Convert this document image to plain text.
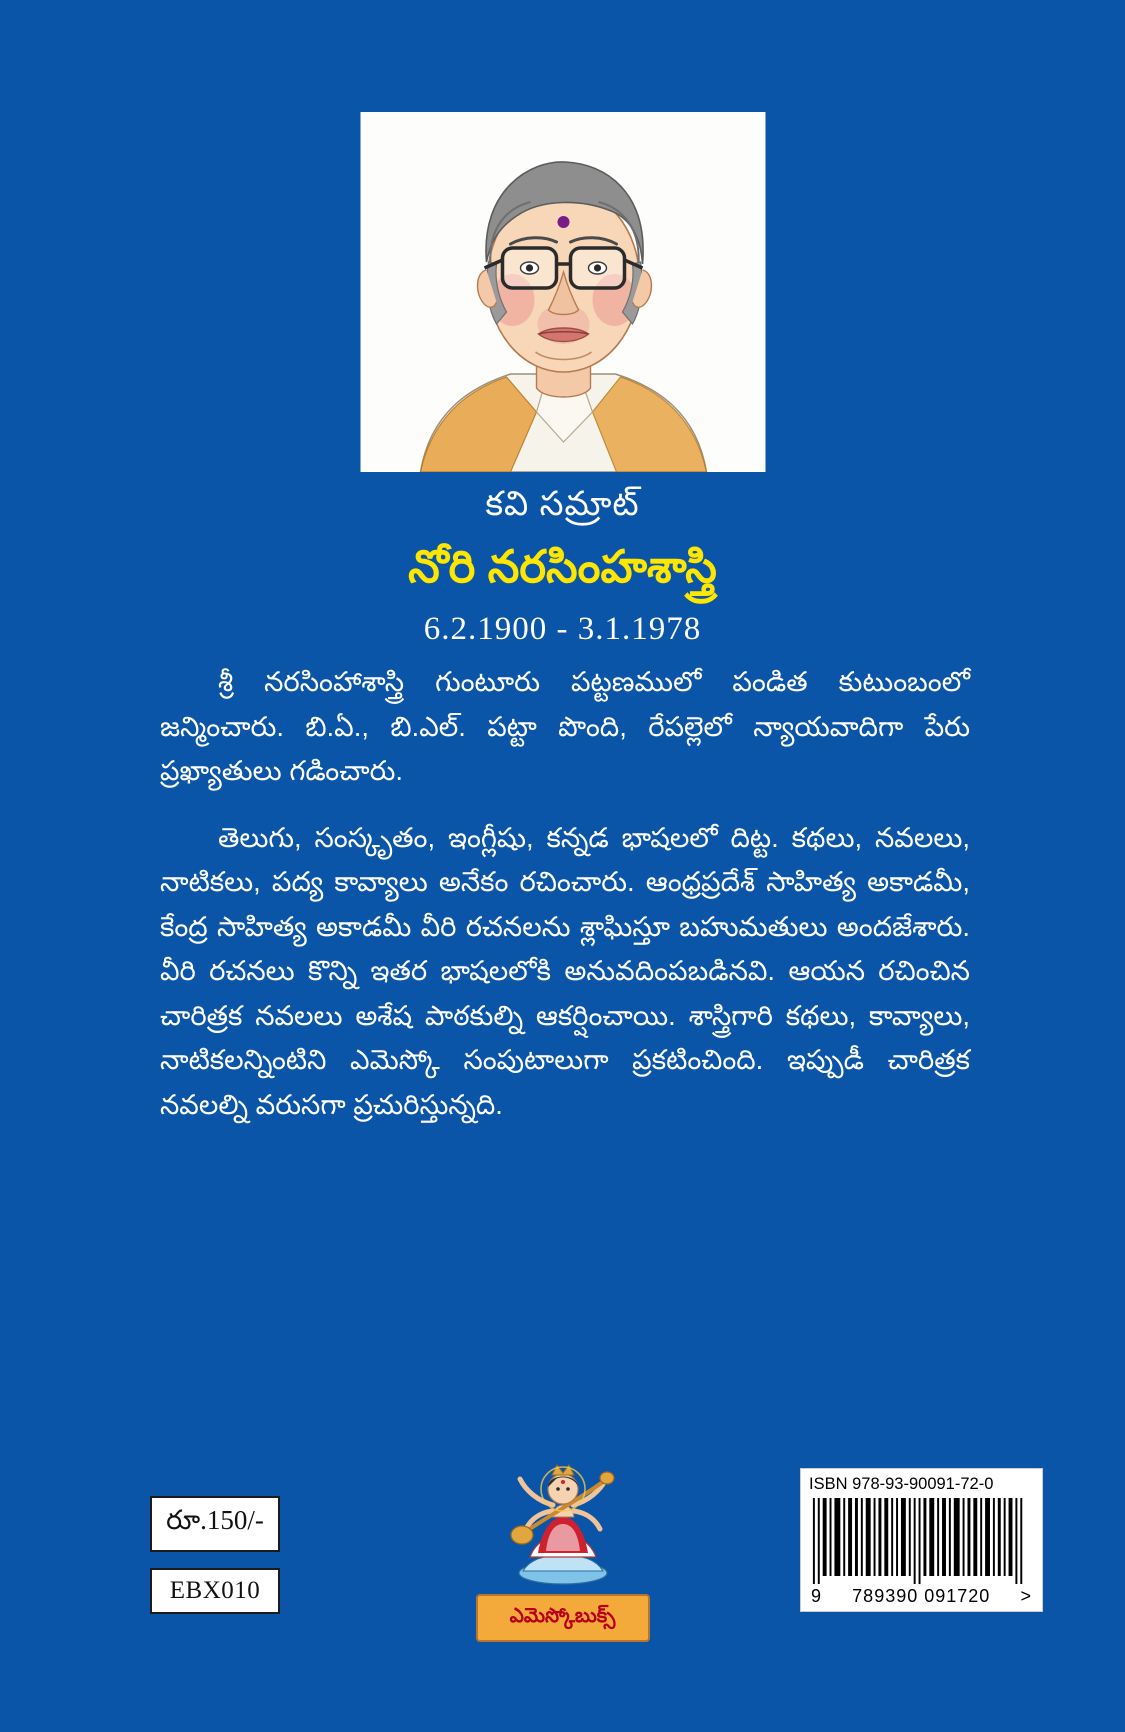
కవి సమ్రాట్
నోరి నరసింహశాస్త్రి
6.2.1900 - 3.1.1978

శ్రీ నరసింహాశాస్త్రి గుంటూరు పట్టణములో పండిత కుటుంబంలో జన్మించారు. బి.ఏ., బి.ఎల్. పట్టా పొంది, రేపల్లెలో న్యాయవాదిగా పేరు ప్రఖ్యాతులు గడించారు.

తెలుగు, సంస్కృతం, ఇంగ్లీషు, కన్నడ భాషలలో దిట్ట. కథలు, నవలలు, నాటికలు, పద్య కావ్యాలు అనేకం రచించారు. ఆంధ్రప్రదేశ్ సాహిత్య అకాడమీ, కేంద్ర సాహిత్య అకాడమీ వీరి రచనలను శ్లాఘిస్తూ బహుమతులు అందజేశారు. వీరి రచనలు కొన్ని ఇతర భాషలలోకి అనువదింపబడినవి. ఆయన రచించిన చారిత్రక నవలలు అశేష పాఠకుల్ని ఆకర్షించాయి. శాస్త్రిగారి కథలు, కావ్యాలు, నాటికలన్నింటిని ఎమెస్కో సంపుటాలుగా ప్రకటించింది. ఇప్పుడీ చారిత్రక నవలల్ని వరుసగా ప్రచురిస్తున్నది.

రూ.150/-
EBX010
ఎమెస్కోబుక్స్
ISBN 978-93-90091-72-0
9 789390 091720 >
